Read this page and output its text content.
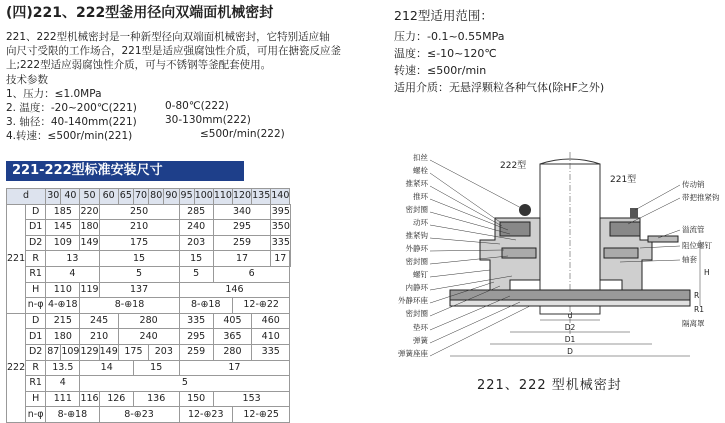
(四)221、222型釜用径向双端面机械密封
221、222型机械密封是一种新型径向双端面机械密封，它特别适应轴
向尺寸受限的工作场合，221型是适应强腐蚀性介质，可用在搪瓷反应釜
上;222型适应弱腐蚀性介质，可与不锈钢等釜配套使用。
技术参数
1、压力：≤1.0MPa
2. 温度：-20~200℃(221)	0-80℃(222)
3. 轴径：40-140mm(221)	30-130mm(222)
4.转速：≤500r/min(221)	≤500r/min(222)
212型适用范围：
压力：-0.1~0.55MPa
温度：≤-10~120℃
转速：≤500r/min
适用介质：无悬浮颗粒各种气体(除HF之外)
221-222型标准安装尺寸
d		30	40	50	60	65	70	80	90	95	100	110	120	135	140	
221	D	185		220	250					285		340			395	
	D1	145		180	210					240		295			350	
	D2	109		149	175					203		259			335	
	R	13			15					15		17			17	
	R1	4			5					5		6				
	H	110		119	137					146						
	n-φ	4-⊕18		8-⊕18						8-⊕18			12-⊕22			
222	D	215		245		280				335		405		460		
	D1	180		210		240				295		365		410		
	D2	87	109	129	149	175		203		259		280		335		
	R	13.5		14			15			17						
	R1	4		5												
	H	111		116	126		136			150		153				
	n-φ	8-⊕18			8-⊕23					12-⊕23			12-⊕25			
扣丝
螺栓
推紧环
推环
密封圈
动环
推紧钩
外静环
密封圈
螺钉
内静环
外静环座
密封圈
垫环
弹簧
弹簧座座
传动销
带把推紧钩
溢流管
阻位螺钉
轴套
222型
221型
d
D2
D1
D
H
R
R1
隔离罩
221、222 型机械密封
